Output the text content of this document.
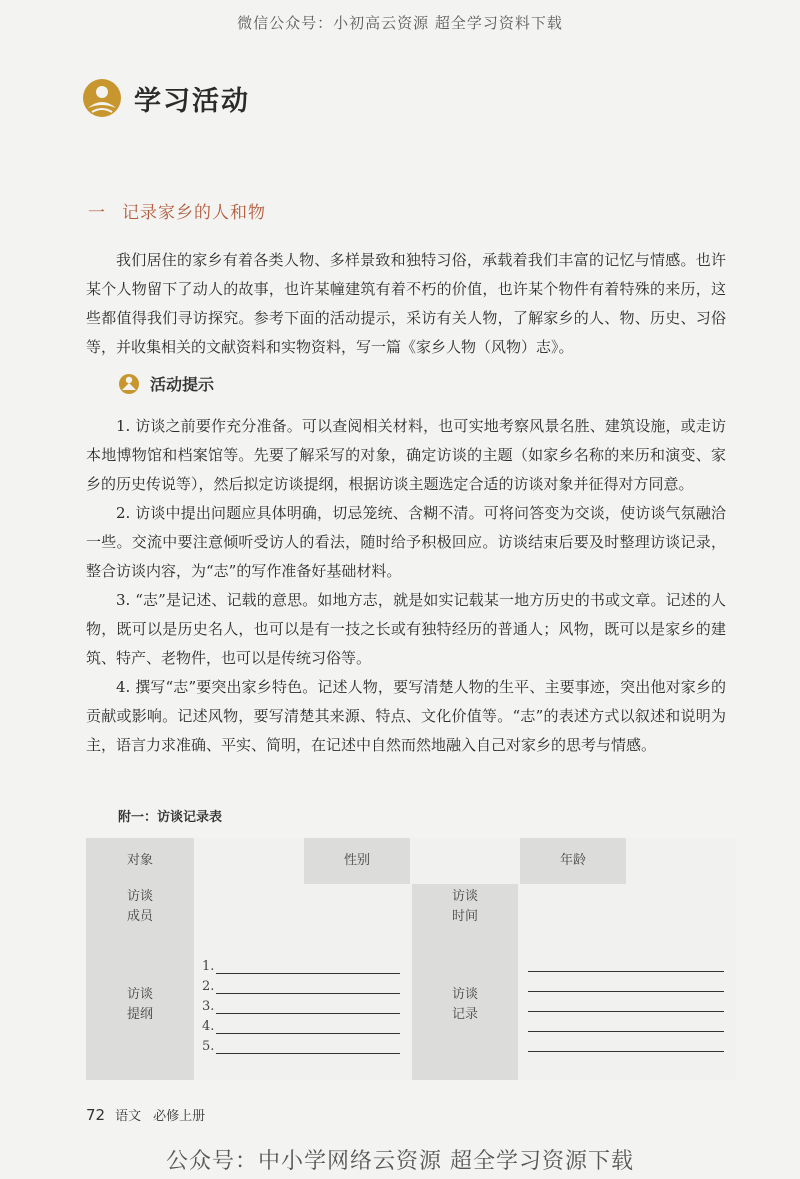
微信公众号：小初高云资源 超全学习资料下载
学习活动
一 记录家乡的人和物

我们居住的家乡有着各类人物、多样景致和独特习俗，承载着我们丰富的记忆与情感。也许某个人物留下了动人的故事，也许某幢建筑有着不朽的价值，也许某个物件有着特殊的来历，这些都值得我们寻访探究。参考下面的活动提示，采访有关人物，了解家乡的人、物、历史、习俗等，并收集相关的文献资料和实物资料，写一篇《家乡人物（风物）志》。

活动提示

1. 访谈之前要作充分准备。可以查阅相关材料，也可实地考察风景名胜、建筑设施，或走访本地博物馆和档案馆等。先要了解采写的对象，确定访谈的主题（如家乡名称的来历和演变、家乡的历史传说等），然后拟定访谈提纲，根据访谈主题选定合适的访谈对象并征得对方同意。

2. 访谈中提出问题应具体明确，切忌笼统、含糊不清。可将问答变为交谈，使访谈气氛融洽一些。交流中要注意倾听受访人的看法，随时给予积极回应。访谈结束后要及时整理访谈记录，整合访谈内容，为“志”的写作准备好基础材料。

3. “志”是记述、记载的意思。如地方志，就是如实记载某一地方历史的书或文章。记述的人物，既可以是历史名人，也可以是有一技之长或有独特经历的普通人；风物，既可以是家乡的建筑、特产、老物件，也可以是传统习俗等。

4. 撰写“志”要突出家乡特色。记述人物，要写清楚人物的生平、主要事迹，突出他对家乡的贡献或影响。记述风物，要写清楚其来源、特点、文化价值等。“志”的表述方式以叙述和说明为主，语言力求准确、平实、简明，在记述中自然而然地融入自己对家乡的思考与情感。

附一：访谈记录表
对象	性别	年龄
访谈
成员
访谈
时间
访谈
提纲
访谈
记录
1.
2.
3.
4.
5.
72 语文 必修上册
公众号：中小学网络云资源 超全学习资源下载
